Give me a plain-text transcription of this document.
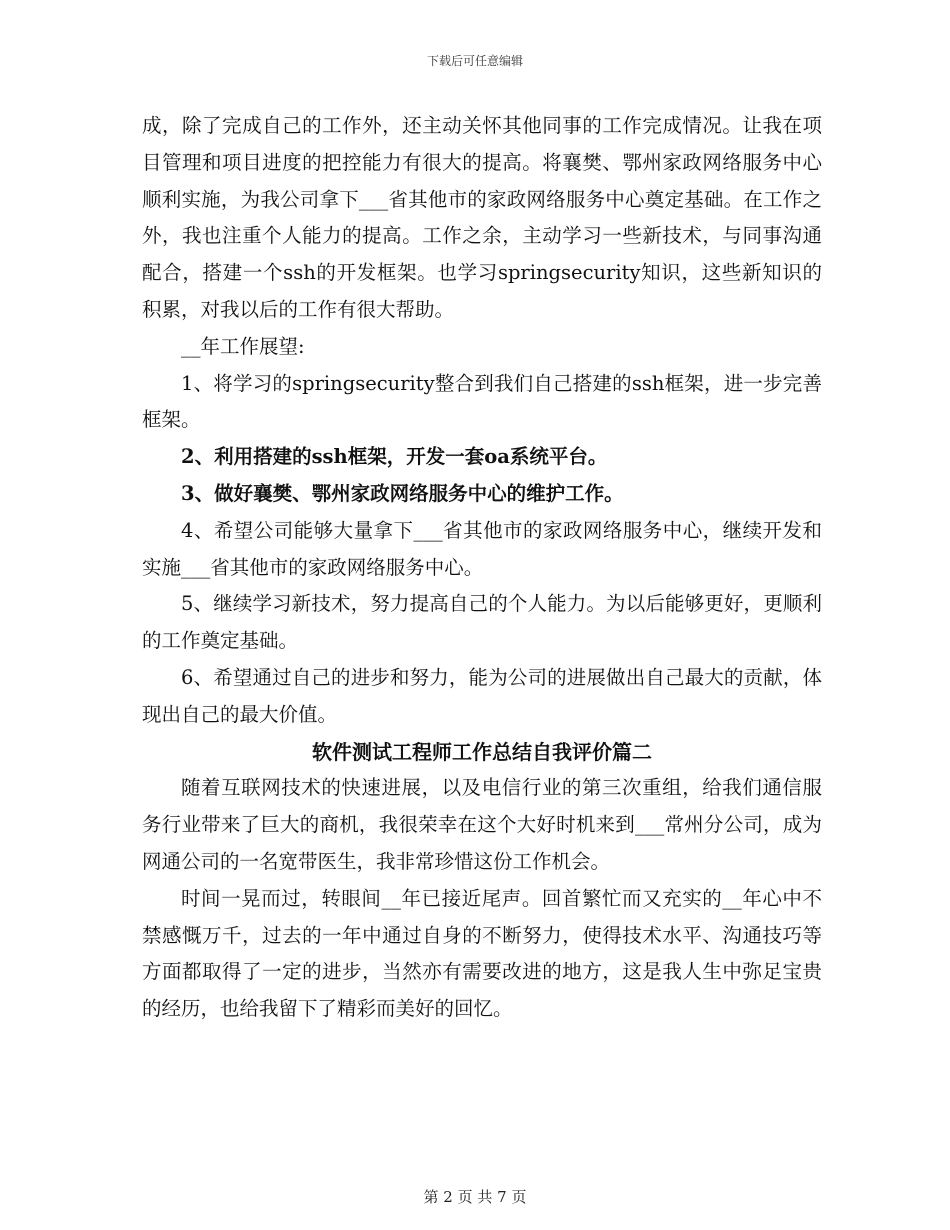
下载后可任意编辑

成，除了完成自己的工作外，还主动关怀其他同事的工作完成情况。让我在项目管理和项目进度的把控能力有很大的提高。将襄樊、鄂州家政网络服务中心顺利实施，为我公司拿下___省其他市的家政网络服务中心奠定基础。在工作之外，我也注重个人能力的提高。工作之余，主动学习一些新技术，与同事沟通配合，搭建一个ssh的开发框架。也学习springsecurity知识，这些新知识的积累，对我以后的工作有很大帮助。

__年工作展望:

1、将学习的springsecurity整合到我们自己搭建的ssh框架，进一步完善框架。

2、利用搭建的ssh框架，开发一套oa系统平台。

3、做好襄樊、鄂州家政网络服务中心的维护工作。

4、希望公司能够大量拿下___省其他市的家政网络服务中心，继续开发和实施___省其他市的家政网络服务中心。

5、继续学习新技术，努力提高自己的个人能力。为以后能够更好，更顺利的工作奠定基础。

6、希望通过自己的进步和努力，能为公司的进展做出自己最大的贡献，体现出自己的最大价值。

软件测试工程师工作总结自我评价篇二

随着互联网技术的快速进展，以及电信行业的第三次重组，给我们通信服务行业带来了巨大的商机，我很荣幸在这个大好时机来到___常州分公司，成为网通公司的一名宽带医生，我非常珍惜这份工作机会。

时间一晃而过，转眼间__年已接近尾声。回首繁忙而又充实的__年心中不禁感慨万千，过去的一年中通过自身的不断努力，使得技术水平、沟通技巧等方面都取得了一定的进步，当然亦有需要改进的地方，这是我人生中弥足宝贵的经历，也给我留下了精彩而美好的回忆。

第 2 页 共 7 页
